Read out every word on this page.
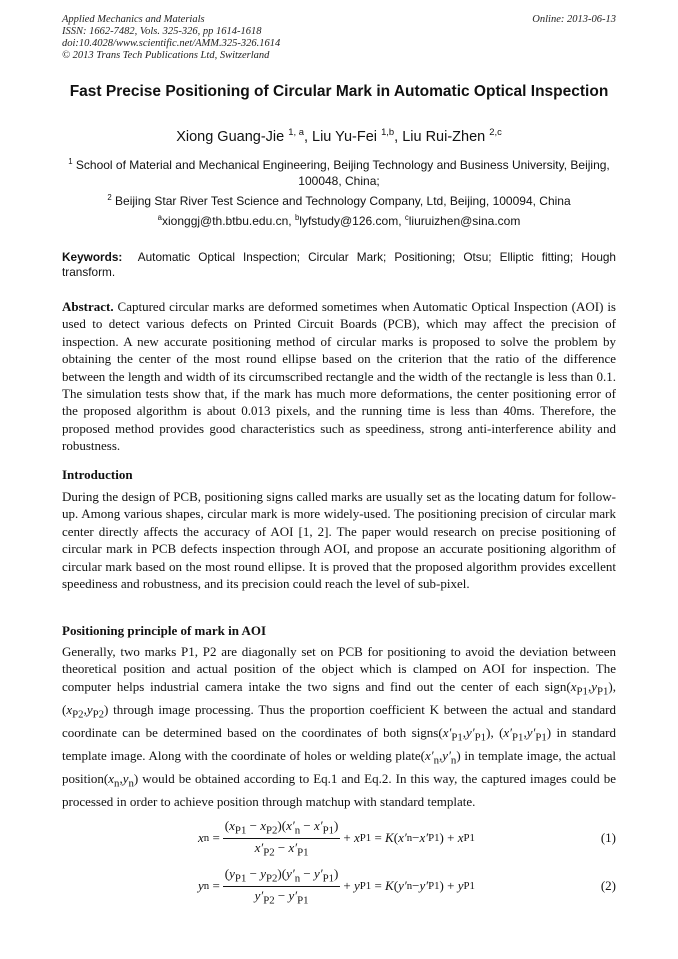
Applied Mechanics and Materials
ISSN: 1662-7482, Vols. 325-326, pp 1614-1618
doi:10.4028/www.scientific.net/AMM.325-326.1614
© 2013 Trans Tech Publications Ltd, Switzerland
Online: 2013-06-13
Fast Precise Positioning of Circular Mark in Automatic Optical Inspection
Xiong Guang-Jie $^{1, a}$, Liu Yu-Fei $^{1,b}$, Liu Rui-Zhen $^{2,c}$
$^1$ School of Material and Mechanical Engineering, Beijing Technology and Business University, Beijing, 100048, China;
$^2$ Beijing Star River Test Science and Technology Company, Ltd, Beijing, 100094, China
$^a$xionggj@th.btbu.edu.cn, $^b$lyfstudy@126.com, $^c$liuruizhen@sina.com
Keywords: Automatic Optical Inspection; Circular Mark; Positioning; Otsu; Elliptic fitting; Hough transform.
Abstract. Captured circular marks are deformed sometimes when Automatic Optical Inspection (AOI) is used to detect various defects on Printed Circuit Boards (PCB), which may affect the precision of inspection. A new accurate positioning method of circular marks is proposed to solve the problem by obtaining the center of the most round ellipse based on the criterion that the ratio of the difference between the length and width of its circumscribed rectangle and the width of the rectangle is less than 0.1. The simulation tests show that, if the mark has much more deformations, the center positioning error of the proposed algorithm is about 0.013 pixels, and the running time is less than 40ms. Therefore, the proposed method provides good characteristics such as speediness, strong anti-interference ability and robustness.
Introduction
During the design of PCB, positioning signs called marks are usually set as the locating datum for follow-up. Among various shapes, circular mark is more widely-used. The positioning precision of circular mark center directly affects the accuracy of AOI [1, 2]. The paper would research on precise positioning of circular mark in PCB defects inspection through AOI, and propose an accurate positioning algorithm of circular mark based on the most round ellipse. It is proved that the proposed algorithm provides excellent speediness and robustness, and its precision could reach the level of sub-pixel.
Positioning principle of mark in AOI
Generally, two marks P1, P2 are diagonally set on PCB for positioning to avoid the deviation between theoretical position and actual position of the object which is clamped on AOI for inspection. The computer helps industrial camera intake the two signs and find out the center of each $sign(x_{P1},y_{P1}),(x_{P2},y_{P2})$ through image processing. Thus the proportion coefficient K between the actual and standard coordinate can be determined based on the coordinates of both $signs(x'_{P1},y'_{P1})$, $(x'_{P1},y'_{P1})$ in standard template image. Along with the coordinate of holes or welding $plate(x'_n,y'_n)$ in template image, the actual $position(x_n,y_n)$ would be obtained according to Eq.1 and Eq.2. In this way, the captured images could be processed in order to achieve position through matchup with standard template.
x $n = \frac{(x_{P1} - x_{P2})(x'_n - x'_{P1})}{x'_{P2} - x'_{P1}} + x$ P1 = K ( x′ n − x′ P1 ) + x P1	(1)
y $n = \frac{(y_{P1} - y_{P2})(y'_n - y'_{P1})}{y'_{P2} - y'_{P1}} + y$ P1 = K ( y′ n − y′ P1 ) + y P1	(2)
